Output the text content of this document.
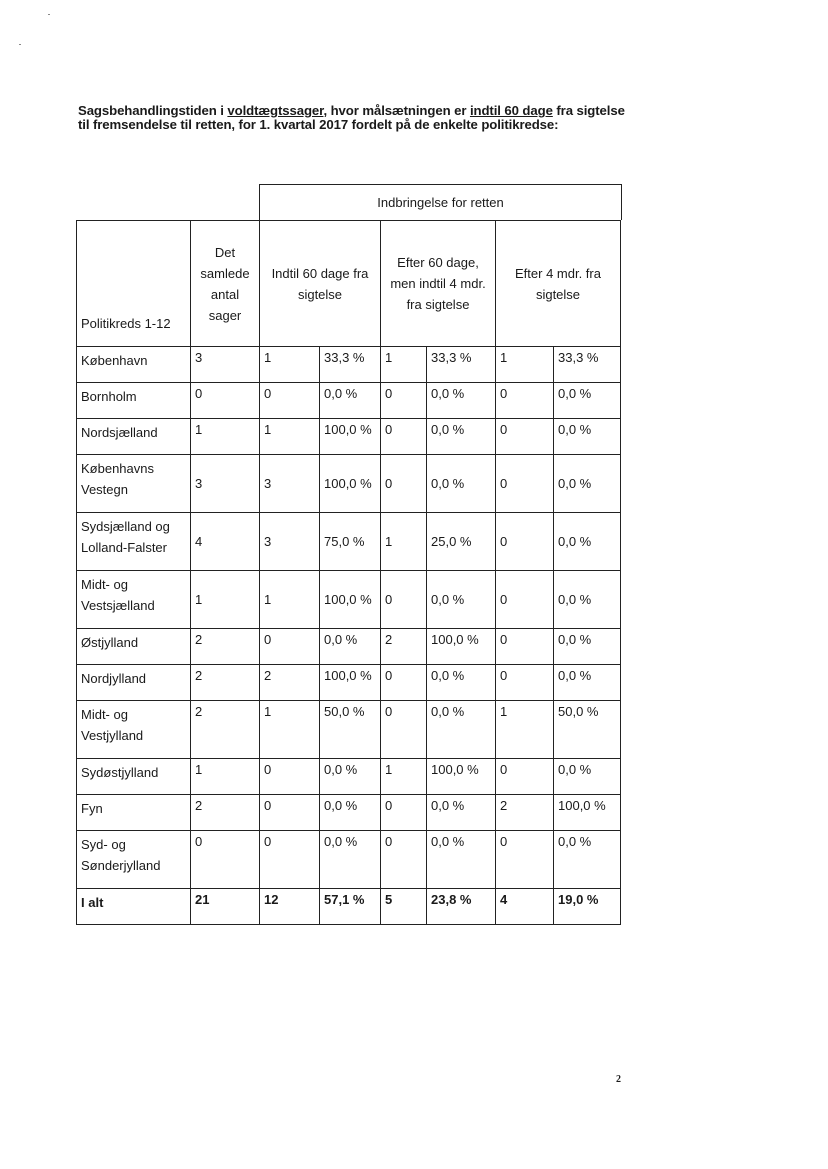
Sagsbehandlingstiden i voldtægtssager, hvor målsætningen er indtil 60 dage fra sigtelse
til fremsendelse til retten, for 1. kvartal 2017 fordelt på de enkelte politikredse:
Indbringelse for retten
Politikreds 1-12	Det samlede antal sager	Indtil 60 dage fra sigtelse		Efter 60 dage, men indtil 4 mdr. fra sigtelse		Efter 4 mdr. fra sigtelse	
København	3	1	33,3 %	1	33,3 %	1	33,3 %
Bornholm	0	0	0,0 %	0	0,0 %	0	0,0 %
Nordsjælland	1	1	100,0 %	0	0,0 %	0	0,0 %
Københavns Vestegn	3	3	100,0 %	0	0,0 %	0	0,0 %
Sydsjælland og Lolland-Falster	4	3	75,0 %	1	25,0 %	0	0,0 %
Midt- og Vestsjælland	1	1	100,0 %	0	0,0 %	0	0,0 %
Østjylland	2	0	0,0 %	2	100,0 %	0	0,0 %
Nordjylland	2	2	100,0 %	0	0,0 %	0	0,0 %
Midt- og Vestjylland	2	1	50,0 %	0	0,0 %	1	50,0 %
Sydøstjylland	1	0	0,0 %	1	100,0 %	0	0,0 %
Fyn	2	0	0,0 %	0	0,0 %	2	100,0 %
Syd- og Sønderjylland	0	0	0,0 %	0	0,0 %	0	0,0 %
I alt	21	12	57,1 %	5	23,8 %	4	19,0 %
2
